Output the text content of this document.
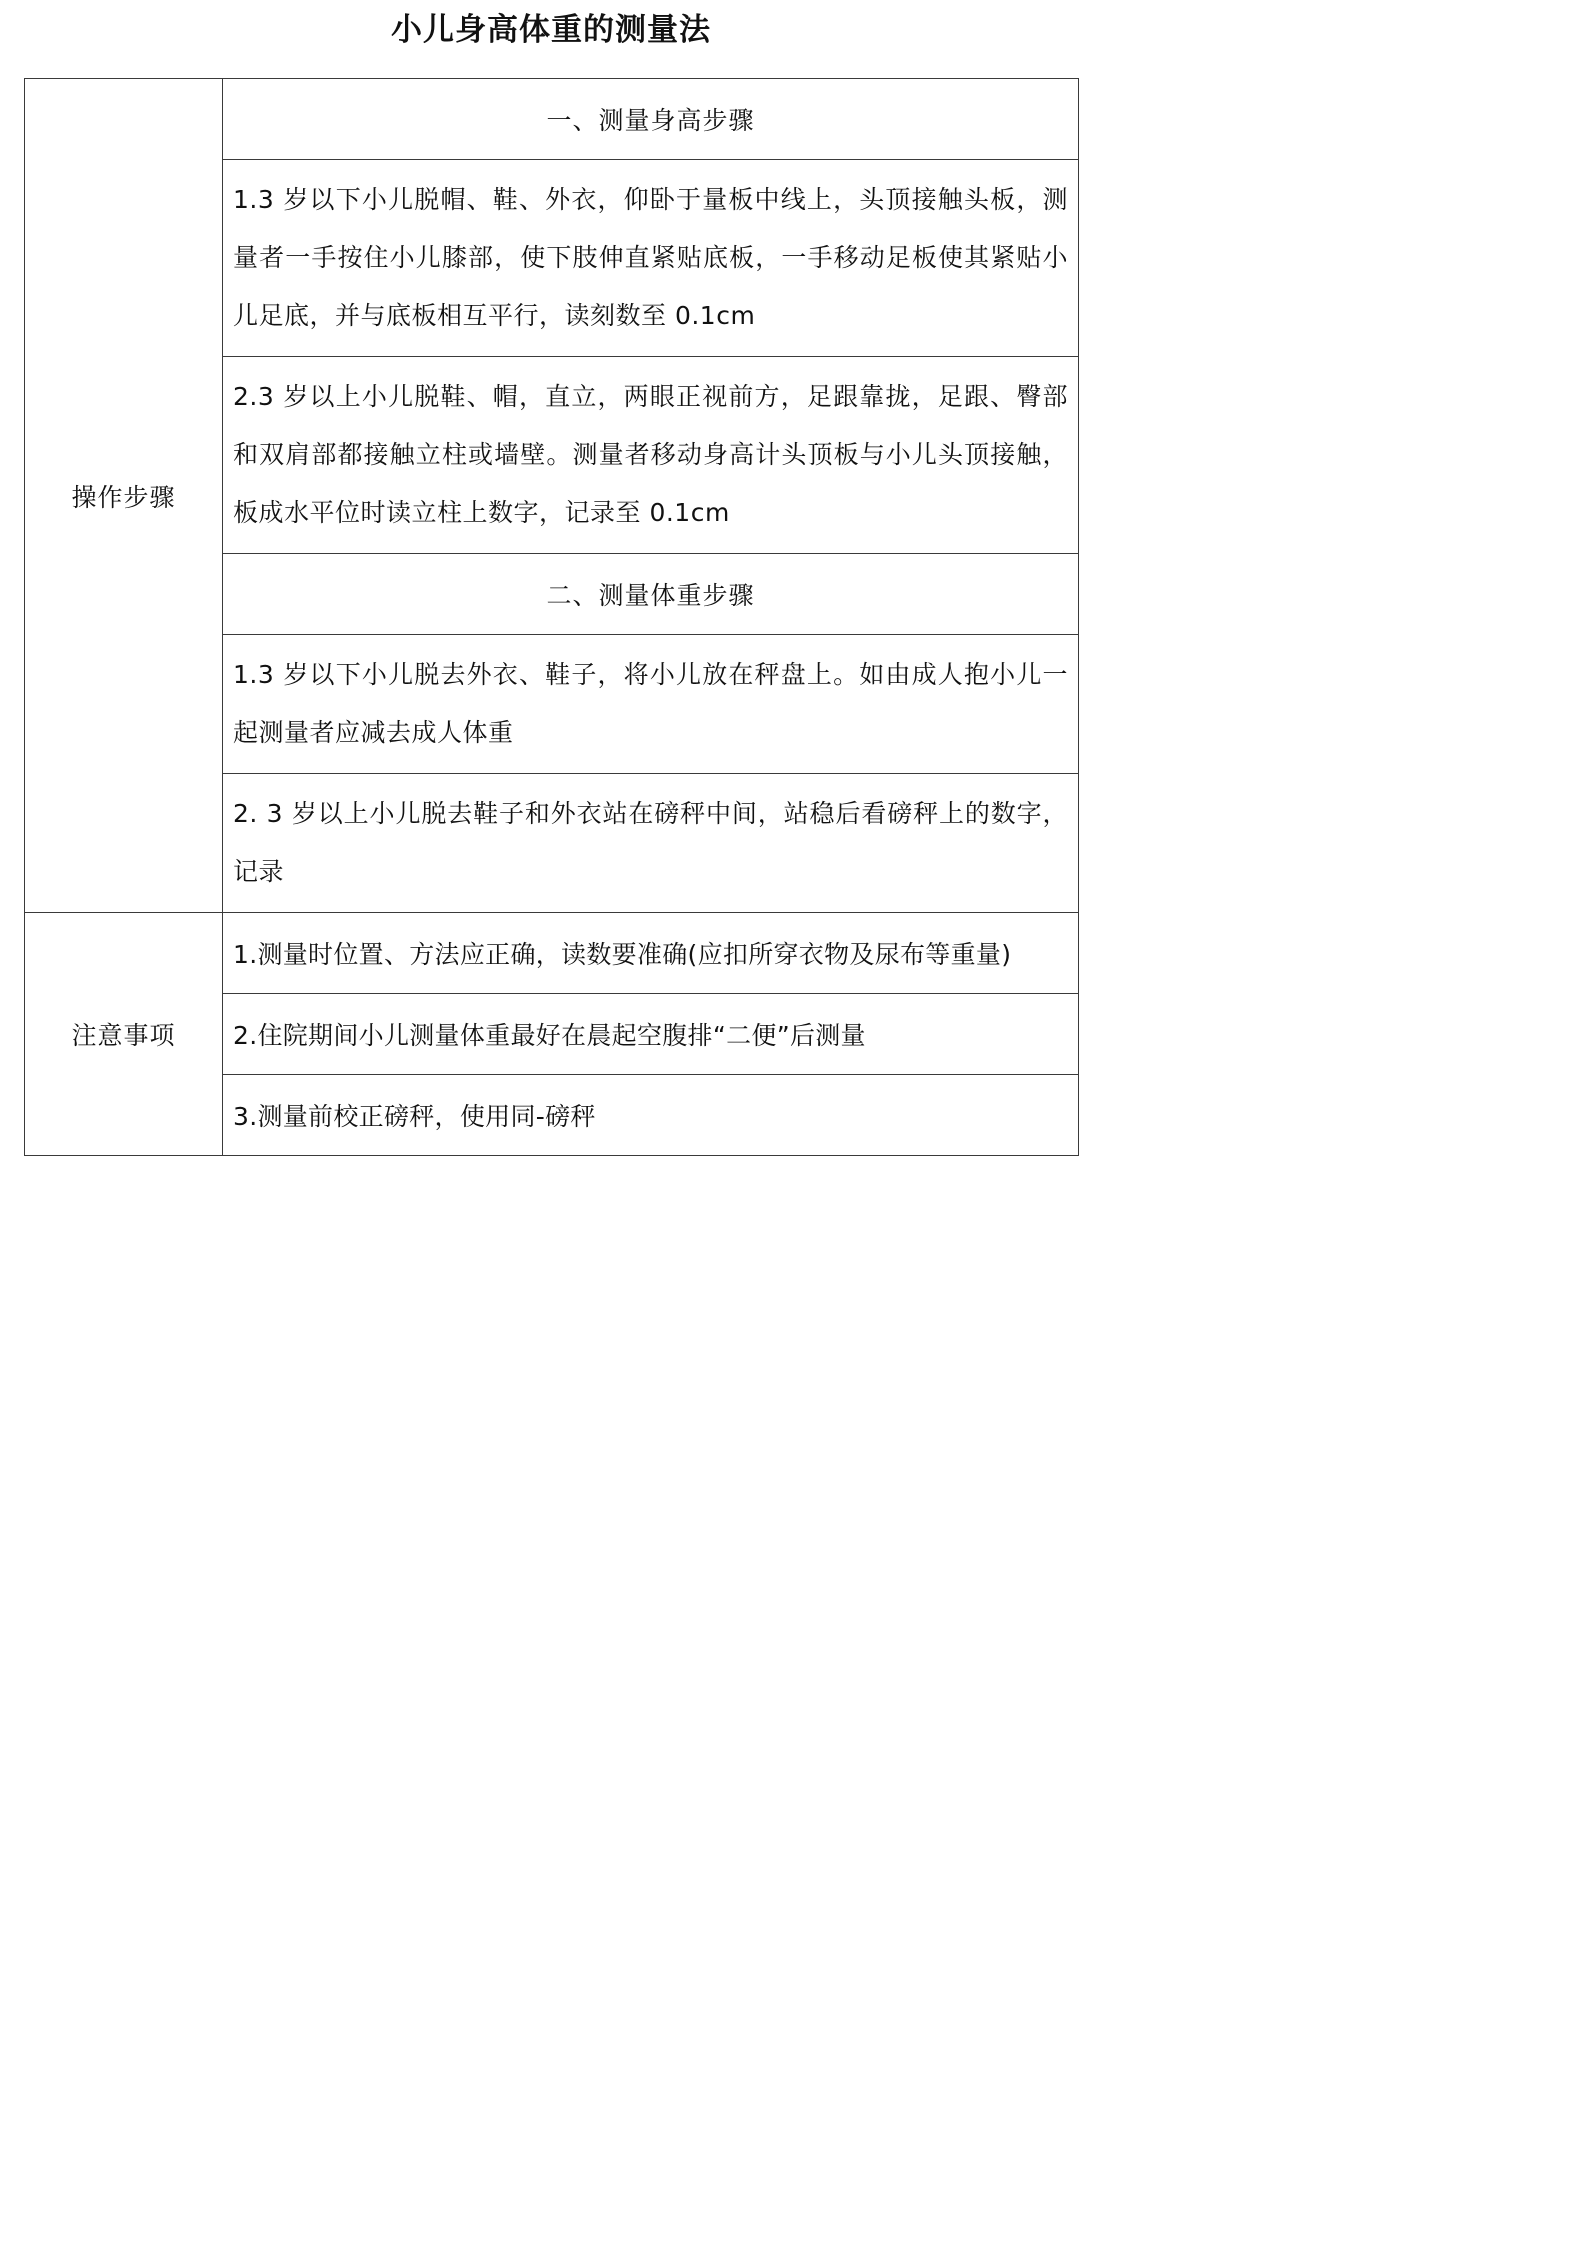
小儿身高体重的测量法
操作步骤	一、测量身高步骤
	1.3 岁以下小儿脱帽、鞋、外衣，仰卧于量板中线上，头顶接触头板，测量者一手按住小儿膝部，使下肢伸直紧贴底板，一手移动足板使其紧贴小儿足底，并与底板相互平行，读刻数至 0.1cm
	2.3 岁以上小儿脱鞋、帽，直立，两眼正视前方，足跟靠拢，足跟、臀部和双肩部都接触立柱或墙壁。测量者移动身高计头顶板与小儿头顶接触，板成水平位时读立柱上数字，记录至 0.1cm
	二、测量体重步骤
	1.3 岁以下小儿脱去外衣、鞋子，将小儿放在秤盘上。如由成人抱小儿一起测量者应减去成人体重
	2. 3 岁以上小儿脱去鞋子和外衣站在磅秤中间，站稳后看磅秤上的数字，记录
注意事项	1.测量时位置、方法应正确，读数要准确(应扣所穿衣物及尿布等重量)
	2.住院期间小儿测量体重最好在晨起空腹排“二便”后测量
	3.测量前校正磅秤，使用同-磅秤
